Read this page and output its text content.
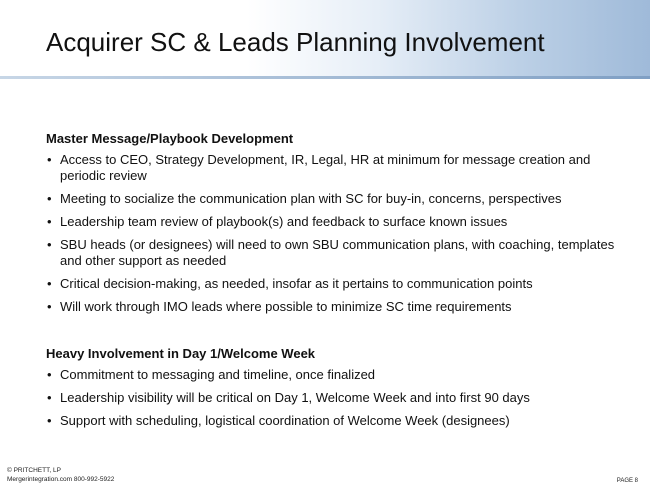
Acquirer SC & Leads Planning Involvement
Master Message/Playbook Development
• Access to CEO, Strategy Development, IR, Legal, HR at minimum for message creation and periodic review
• Meeting to socialize the communication plan with SC for buy-in, concerns, perspectives
• Leadership team review of playbook(s) and feedback to surface known issues
• SBU heads (or designees) will need to own SBU communication plans, with coaching, templates and other support as needed
• Critical decision-making, as needed, insofar as it pertains to communication points
• Will work through IMO leads where possible to minimize SC time requirements
Heavy Involvement in Day 1/Welcome Week
• Commitment to messaging and timeline, once finalized
• Leadership visibility will be critical on Day 1, Welcome Week and into first 90 days
• Support with scheduling, logistical coordination of Welcome Week (designees)
© PRITCHETT, LP
Mergerintegration.com 800-992-5922	PAGE 8
